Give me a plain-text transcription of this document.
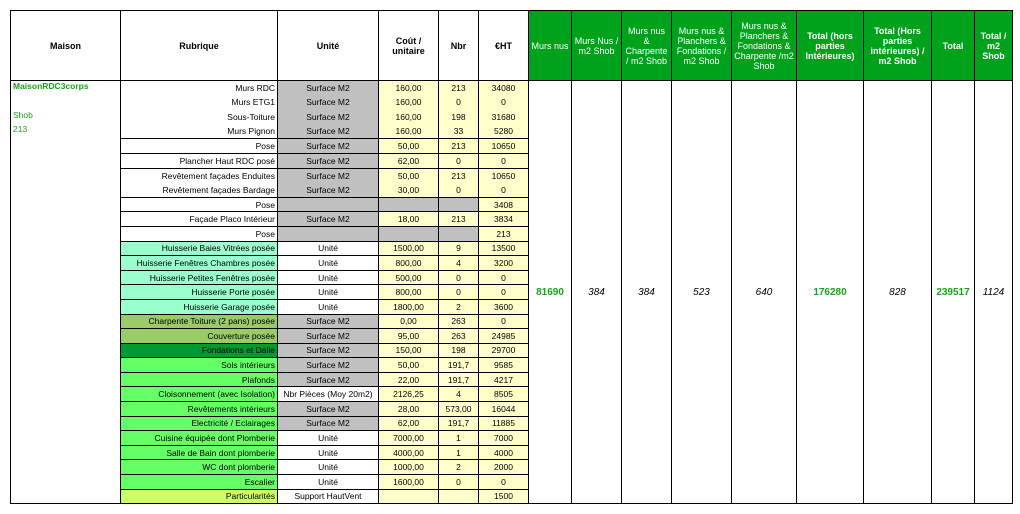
Maison	Rubrique	Unité	Coût / unitaire	Nbr	€HT	Murs nus	Murs Nus / m2 Shob	Murs nus & Charpente / m2 Shob	Murs nus & Planchers & Fondations / m2 Shob	Murs nus & Planchers & Fondations & Charpente /m2 Shob	Total (hors parties Intérieures)	Total (Hors parties intérieures) / m2 Shob	Total	Total / m2 Shob
MaisonRDC3corps	Murs RDC	Surface M2	160,00	213	34080	81690	384	384	523	640	176280	828	239517	1124
	Murs ETG1	Surface M2	160,00	0	0									
Shob	Sous-Toiture	Surface M2	160,00	198	31680									
213	Murs Pignon	Surface M2	160,00	33	5280									
	Pose	Surface M2	50,00	213	10650									
	Plancher Haut RDC posé	Surface M2	62,00	0	0									
	Revêtement façades Enduites	Surface M2	50,00	213	10650									
	Revêtement façades Bardage	Surface M2	30,00	0	0									
	Pose				3408									
	Façade Placo Intérieur	Surface M2	18,00	213	3834									
	Pose				213									
	Huisserie Baies Vitrées posée	Unité	1500,00	9	13500									
	Huisserie Fenêtres Chambres posée	Unité	800,00	4	3200									
	Huisserie Petites Fenêtres posée	Unité	500,00	0	0									
	Huisserie Porte posée	Unité	800,00	0	0									
	Huisserie Garage posée	Unité	1800,00	2	3600									
	Charpente Toiture (2 pans) posée	Surface M2	0,00	263	0									
	Couverture posée	Surface M2	95,00	263	24985									
	Fondations et Dalle	Surface M2	150,00	198	29700									
	Sols intérieurs	Surface M2	50,00	191,7	9585									
	Plafonds	Surface M2	22,00	191,7	4217									
	Cloisonnement (avec Isolation)	Nbr Pièces (Moy 20m2)	2126,25	4	8505									
	Revêtements intérieurs	Surface M2	28,00	573,00	16044									
	Electricité / Eclairages	Surface M2	62,00	191,7	11885									
	Cuisine équipée dont Plomberie	Unité	7000,00	1	7000									
	Salle de Bain dont plomberie	Unité	4000,00	1	4000									
	WC dont plomberie	Unité	1000,00	2	2000									
	Escalier	Unité	1600,00	0	0									
	Particularités	Support HautVent			1500									
